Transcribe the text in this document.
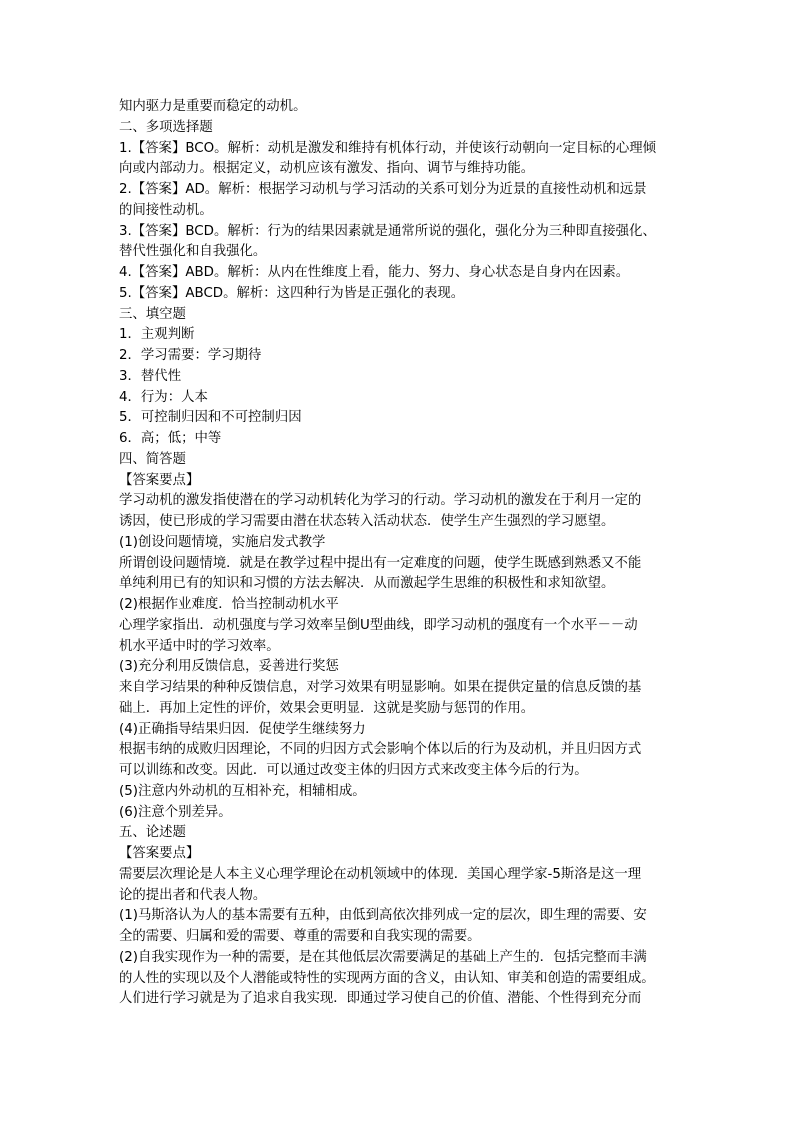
知内驱力是重要而稳定的动机。

二、多项选择题

1.【答案】BCO。解析：动机是激发和维持有机体行动，并使该行动朝向一定目标的心理倾

向或内部动力。根据定义，动机应该有激发、指向、调节与维持功能。

2.【答案】AD。解析：根据学习动机与学习活动的关系可划分为近景的直接性动机和远景

的间接性动机。

3.【答案】BCD。解析：行为的结果因素就是通常所说的强化，强化分为三种即直接强化、

替代性强化和自我强化。

4.【答案】ABD。解析：从内在性维度上看，能力、努力、身心状态是自身内在因素。

5.【答案】ABCD。解析：这四种行为皆是正强化的表现。

三、填空题

1．主观判断

2．学习需要：学习期待

3．替代性

4．行为：人本

5．可控制归因和不可控制归因

6．高；低；中等

四、简答题

【答案要点】

学习动机的激发指使潜在的学习动机转化为学习的行动。学习动机的激发在于利月一定的

诱因，使已形成的学习需要由潜在状态转入活动状态．使学生产生强烈的学习愿望。

(1)创设问题情境，实施启发式教学

所谓创设问题情境．就是在教学过程中提出有一定难度的问题，使学生既感到熟悉又不能

单纯利用已有的知识和习惯的方法去解决．从而激起学生思维的积极性和求知欲望。

(2)根据作业难度．恰当控制动机水平

心理学家指出．动机强度与学习效率呈倒U型曲线，即学习动机的强度有一个水平－－动

机水平适中时的学习效率。

(3)充分利用反馈信息，妥善进行奖惩

来自学习结果的种种反馈信息，对学习效果有明显影响。如果在提供定量的信息反馈的基

础上．再加上定性的评价，效果会更明显．这就是奖励与惩罚的作用。

(4)正确指导结果归因．促使学生继续努力

根据韦纳的成败归因理论，不同的归因方式会影响个体以后的行为及动机，并且归因方式

可以训练和改变。因此．可以通过改变主体的归因方式来改变主体今后的行为。

(5)注意内外动机的互相补充，相辅相成。

(6)注意个别差异。

五、论述题

【答案要点】

需要层次理论是人本主义心理学理论在动机领域中的体现．美国心理学家-5斯洛是这一理

论的提出者和代表人物。

(1)马斯洛认为人的基本需要有五种，由低到高依次排列成一定的层次，即生理的需要、安

全的需要、归属和爱的需要、尊重的需要和自我实现的需要。

(2)自我实现作为一种的需要，是在其他低层次需要满足的基础上产生的．包括完整而丰满

的人性的实现以及个人潜能或特性的实现两方面的含义，由认知、审美和创造的需要组成。

人们进行学习就是为了追求自我实现．即通过学习使自己的价值、潜能、个性得到充分而
